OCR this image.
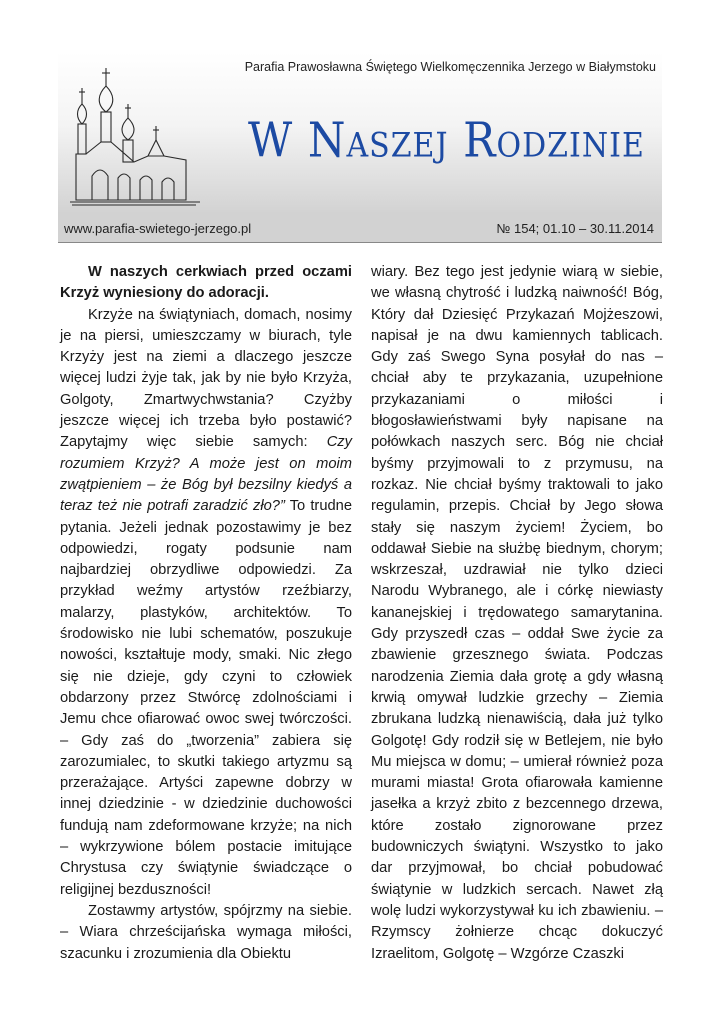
Parafia Prawosławna Świętego Wielkomęczennika Jerzego w Białymstoku
W Naszej Rodzinie
www.parafia-swietego-jerzego.pl	№ 154; 01.10 – 30.11.2014

W naszych cerkwiach przed oczami Krzyż wyniesiony do adoracji.

Krzyże na świątyniach, domach, nosimy je na piersi, umieszczamy w biurach, tyle Krzyży jest na ziemi a dlaczego jeszcze więcej ludzi żyje tak, jak by nie było Krzyża, Golgoty, Zmartwychwstania? Czyżby jeszcze więcej ich trzeba było postawić? Zapytajmy więc siebie samych: Czy rozumiem Krzyż? A może jest on moim zwątpieniem – że Bóg był bezsilny kiedyś a teraz też nie potrafi zaradzić zło?” To trudne pytania. Jeżeli jednak pozostawimy je bez odpowiedzi, rogaty podsunie nam najbardziej obrzydliwe odpowiedzi. Za przykład weźmy artystów rzeźbiarzy, malarzy, plastyków, architektów. To środowisko nie lubi schematów, poszukuje nowości, kształtuje mody, smaki. Nic złego się nie dzieje, gdy czyni to człowiek obdarzony przez Stwórcę zdolnościami i Jemu chce ofiarować owoc swej twórczości. – Gdy zaś do „tworzenia” zabiera się zarozumialec, to skutki takiego artyzmu są przerażające. Artyści zapewne dobrzy w innej dziedzinie - w dziedzinie duchowości fundują nam zdeformowane krzyże; na nich – wykrzywione bólem postacie imitujące Chrystusa czy świątynie świadczące o religijnej bezduszności!

Zostawmy artystów, spójrzmy na siebie. – Wiara chrześcijańska wymaga miłości, szacunku i zrozumienia dla Obiektu

wiary. Bez tego jest jedynie wiarą w siebie, we własną chytrość i ludzką naiwność! Bóg, Który dał Dziesięć Przykazań Mojżeszowi, napisał je na dwu kamiennych tablicach. Gdy zaś Swego Syna posyłał do nas – chciał aby te przykazania, uzupełnione przykazaniami o miłości i błogosławieństwami były napisane na połówkach naszych serc. Bóg nie chciał byśmy przyjmowali to z przymusu, na rozkaz. Nie chciał byśmy traktowali to jako regulamin, przepis. Chciał by Jego słowa stały się naszym życiem! Życiem, bo oddawał Siebie na służbę biednym, chorym; wskrzeszał, uzdrawiał nie tylko dzieci Narodu Wybranego, ale i córkę niewiasty kananejskiej i trędowatego samarytanina. Gdy przyszedł czas – oddał Swe życie za zbawienie grzesznego świata. Podczas narodzenia Ziemia dała grotę a gdy własną krwią omywał ludzkie grzechy – Ziemia zbrukana ludzką nienawiścią, dała już tylko Golgotę! Gdy rodził się w Betlejem, nie było Mu miejsca w domu; – umierał również poza murami miasta! Grota ofiarowała kamienne jasełka a krzyż zbito z bezcennego drzewa, które zostało zignorowane przez budowniczych świątyni. Wszystko to jako dar przyjmował, bo chciał pobudować świątynie w ludzkich sercach. Nawet złą wolę ludzi wykorzystywał ku ich zbawieniu. – Rzymscy żołnierze chcąc dokuczyć Izraelitom, Golgotę – Wzgórze Czaszki
